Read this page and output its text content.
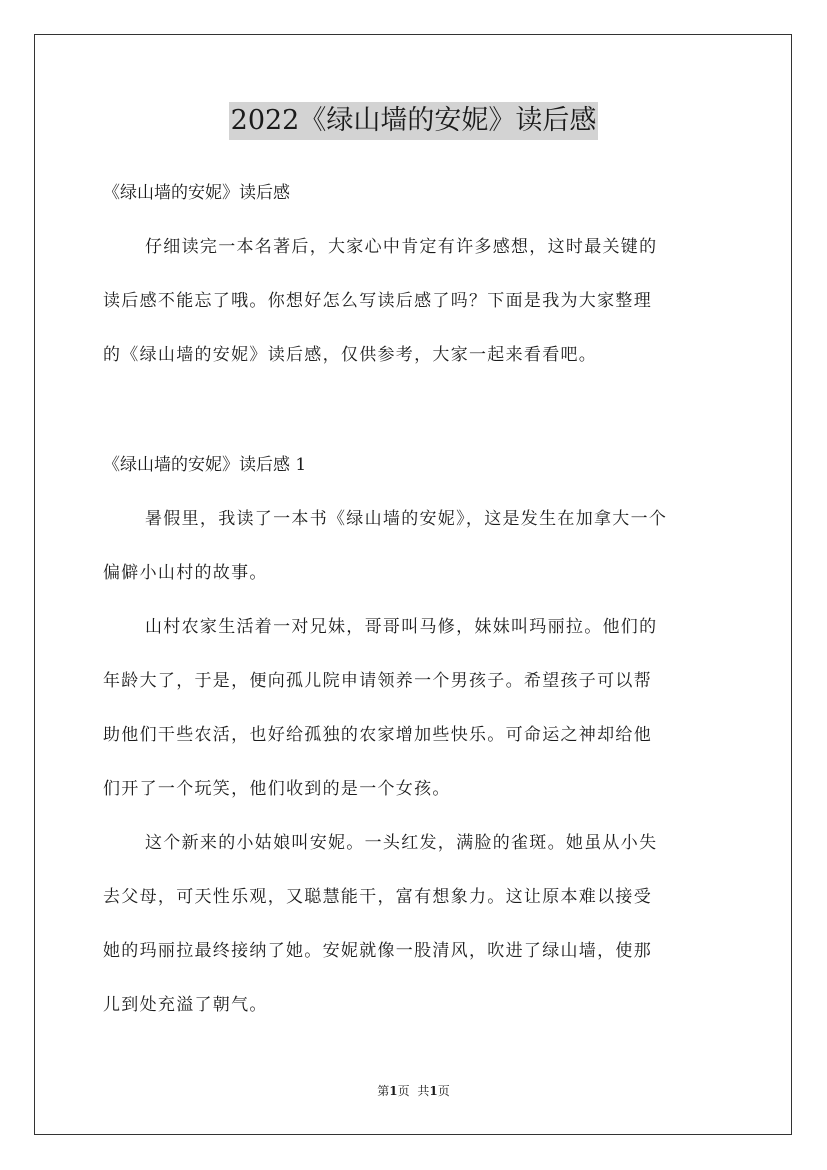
2022《绿山墙的安妮》读后感
《绿山墙的安妮》读后感
仔细读完一本名著后，大家心中肯定有许多感想，这时最关键的
读后感不能忘了哦。你想好怎么写读后感了吗？下面是我为大家整理
的《绿山墙的安妮》读后感，仅供参考，大家一起来看看吧。
《绿山墙的安妮》读后感 1
暑假里，我读了一本书《绿山墙的安妮》，这是发生在加拿大一个
偏僻小山村的故事。
山村农家生活着一对兄妹，哥哥叫马修，妹妹叫玛丽拉。他们的
年龄大了，于是，便向孤儿院申请领养一个男孩子。希望孩子可以帮
助他们干些农活，也好给孤独的农家增加些快乐。可命运之神却给他
们开了一个玩笑，他们收到的是一个女孩。
这个新来的小姑娘叫安妮。一头红发，满脸的雀斑。她虽从小失
去父母，可天性乐观，又聪慧能干，富有想象力。这让原本难以接受
她的玛丽拉最终接纳了她。安妮就像一股清风，吹进了绿山墙，使那
儿到处充溢了朝气。
第1页 共1页
